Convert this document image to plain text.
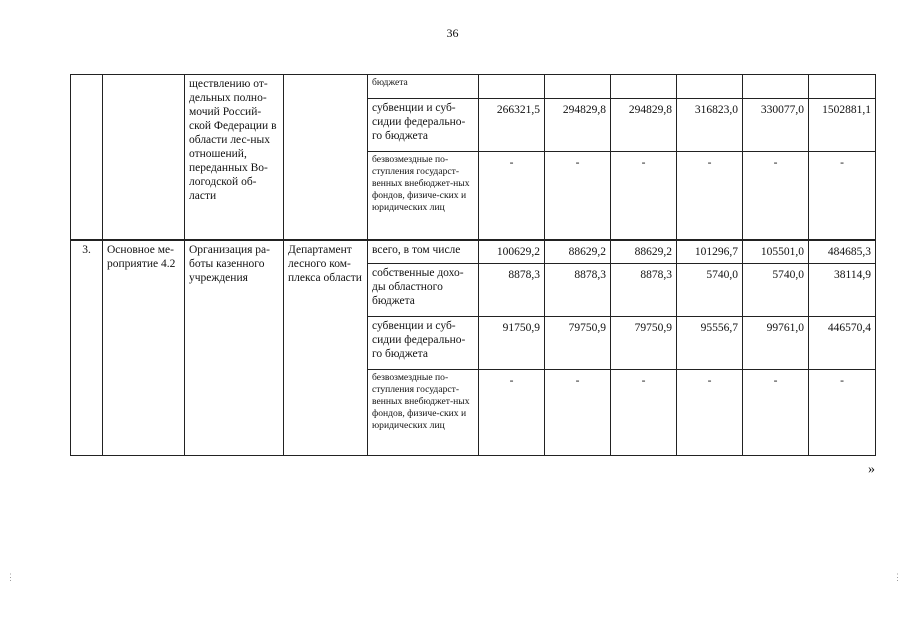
36
		ществлению от-дельных полно-мочий Россий-ской Федерации в области лес-ных отношений, переданных Во-логодской об-ласти		бюджета						
				субвенции и суб-сидии федерально-го бюджета	266321,5	294829,8	294829,8	316823,0	330077,0	1502881,1
				безвозмездные по-ступления государст-венных внебюджет-ных фондов, физиче-ских и юридических лиц	-	-	-	-	-	-
3.	Основное ме-роприятие 4.2	Организация ра-боты казенного учреждения	Департамент лесного ком-плекса области	всего, в том числе	100629,2	88629,2	88629,2	101296,7	105501,0	484685,3
				собственные дохо-ды областного бюджета	8878,3	8878,3	8878,3	5740,0	5740,0	38114,9
				субвенции и суб-сидии федерально-го бюджета	91750,9	79750,9	79750,9	95556,7	99761,0	446570,4
				безвозмездные по-ступления государст-венных внебюджет-ных фондов, физиче-ских и юридических лиц	-	-	-	-	-	-
»
⋮	⋮
